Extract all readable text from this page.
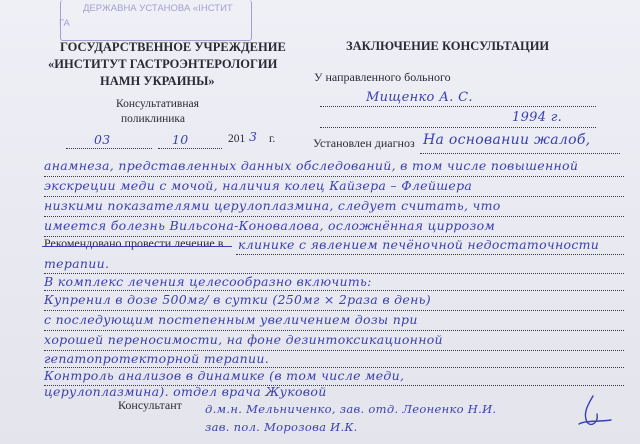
ДЕРЖАВНА УСТАНОВА «ІНСТИТ
ГА
ГОСУДАРСТВЕННОЕ УЧРЕЖДЕНИЕ
«ИНСТИТУТ ГАСТРОЭНТЕРОЛОГИИ
НАМН УКРАИНЫ»
Консультативная
поликлиника
03	10	201 3 г.
ЗАКЛЮЧЕНИЕ КОНСУЛЬТАЦИИ
У направленного больного
Мищенко А. С.
1994 г.
Установлен диагноз На основании жалоб,
анамнеза, представленных данных обследований, в том числе повышенной
экскреции меди с мочой, наличия колец Кайзера – Флейшера
низкими показателями церулоплазмина, следует считать, что
имеется болезнь Вильсона-Коновалова, осложнённая циррозом
Рекомендовано провести лечение в клинике с явлением печёночной недостаточности
терапии.
В комплекс лечения целесообразно включить:
Купренил в дозе 500мг/ в сутки (250мг × 2раза в день)
с последующим постепенным увеличением дозы при
хорошей переносимости, на фоне дезинтоксикационной
гепатопротекторной терапии.
Контроль анализов в динамике (в том числе меди,
церулоплазмина). отдел врача Жуковой
Консультант д.м.н. Мельниченко, зав. отд. Леоненко Н.И.
зав. пол. Морозова И.К.
